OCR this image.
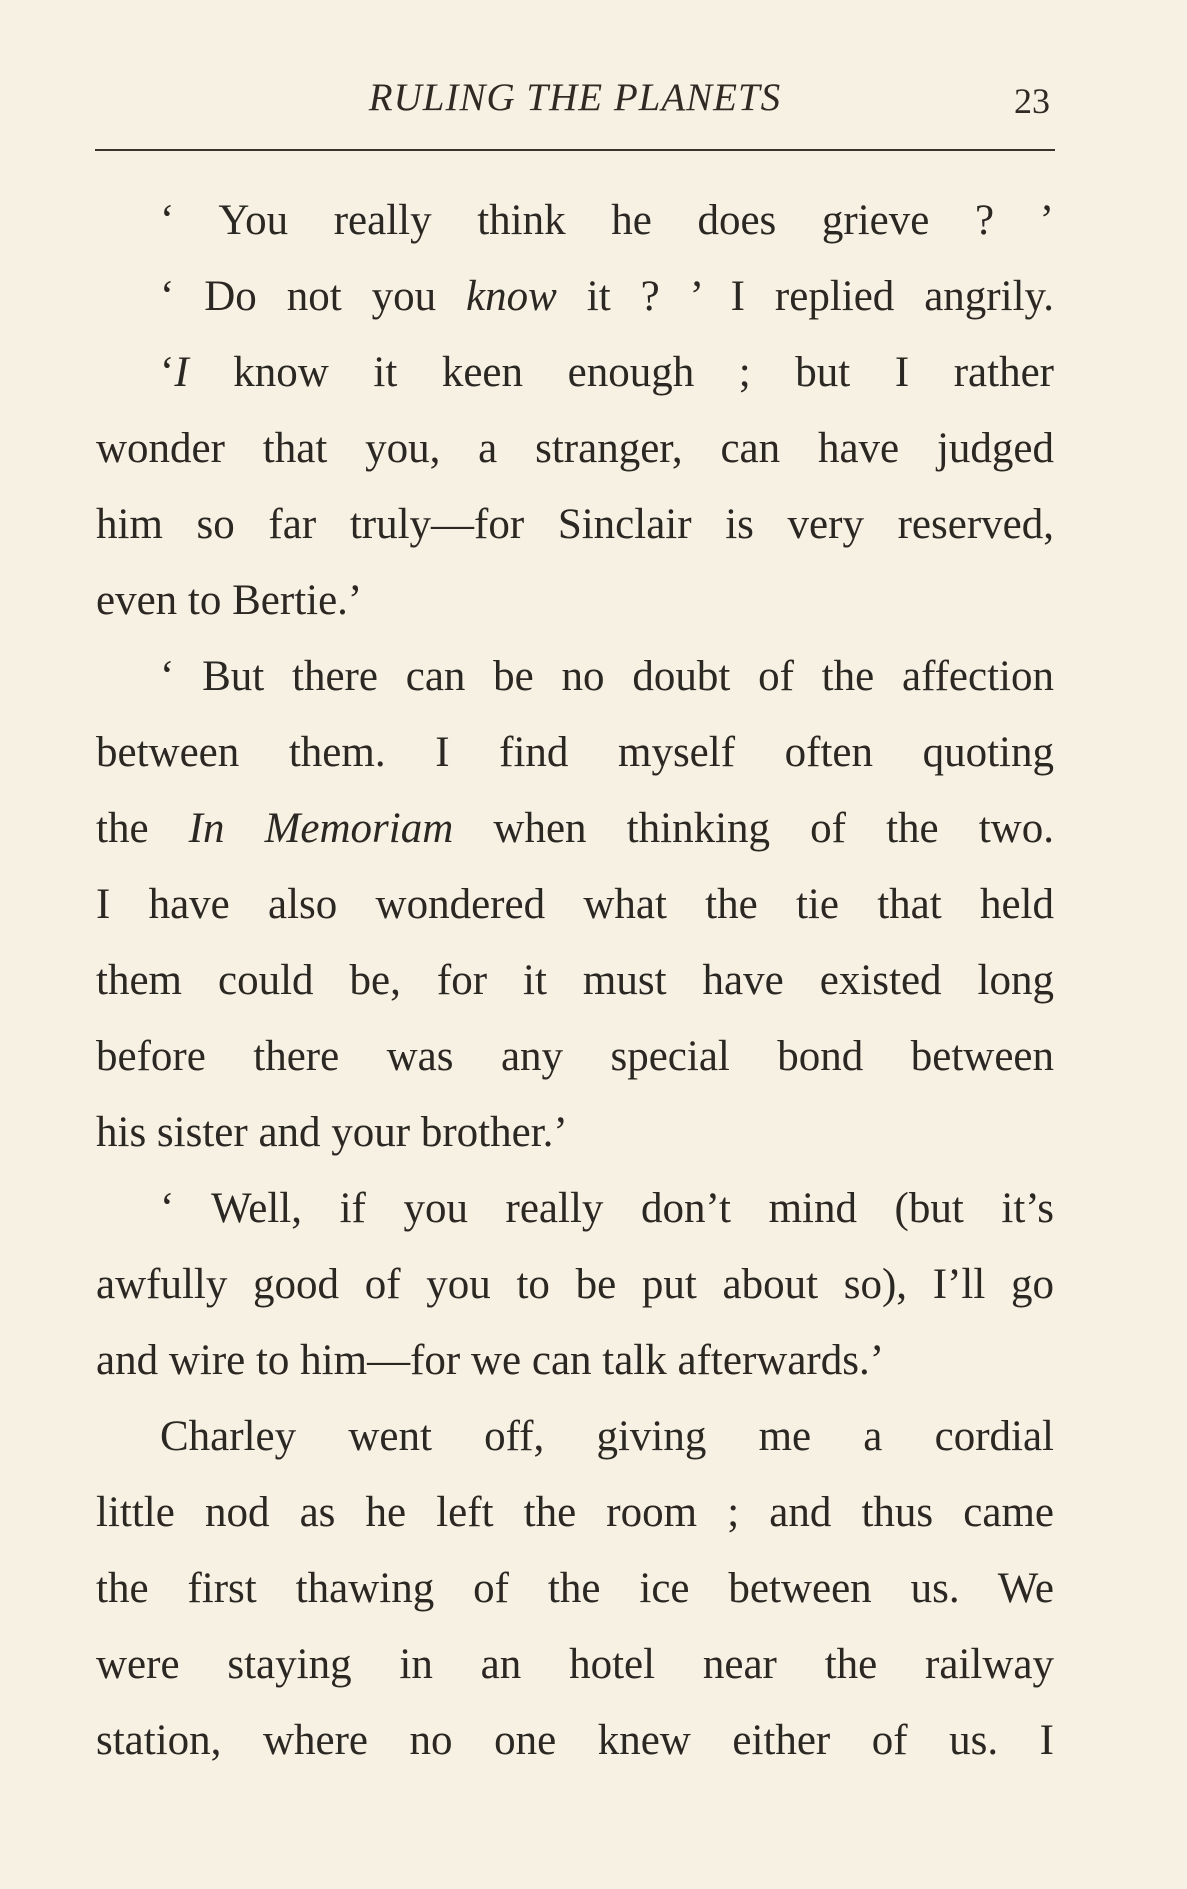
RULING THE PLANETS	23
‘ You really think he does grieve ? ’
‘ Do not you know it ? ’ I replied angrily.
‘I know it keen enough ; but I rather
wonder that you, a stranger, can have judged
him so far truly—for Sinclair is very reserved,
even to Bertie.’
‘ But there can be no doubt of the affection
between them. I find myself often quoting
the In Memoriam when thinking of the two.
I have also wondered what the tie that held
them could be, for it must have existed long
before there was any special bond between
his sister and your brother.’
‘ Well, if you really don’t mind (but it’s
awfully good of you to be put about so), I’ll go
and wire to him—for we can talk afterwards.’
Charley went off, giving me a cordial
little nod as he left the room ; and thus came
the first thawing of the ice between us. We
were staying in an hotel near the railway
station, where no one knew either of us. I
